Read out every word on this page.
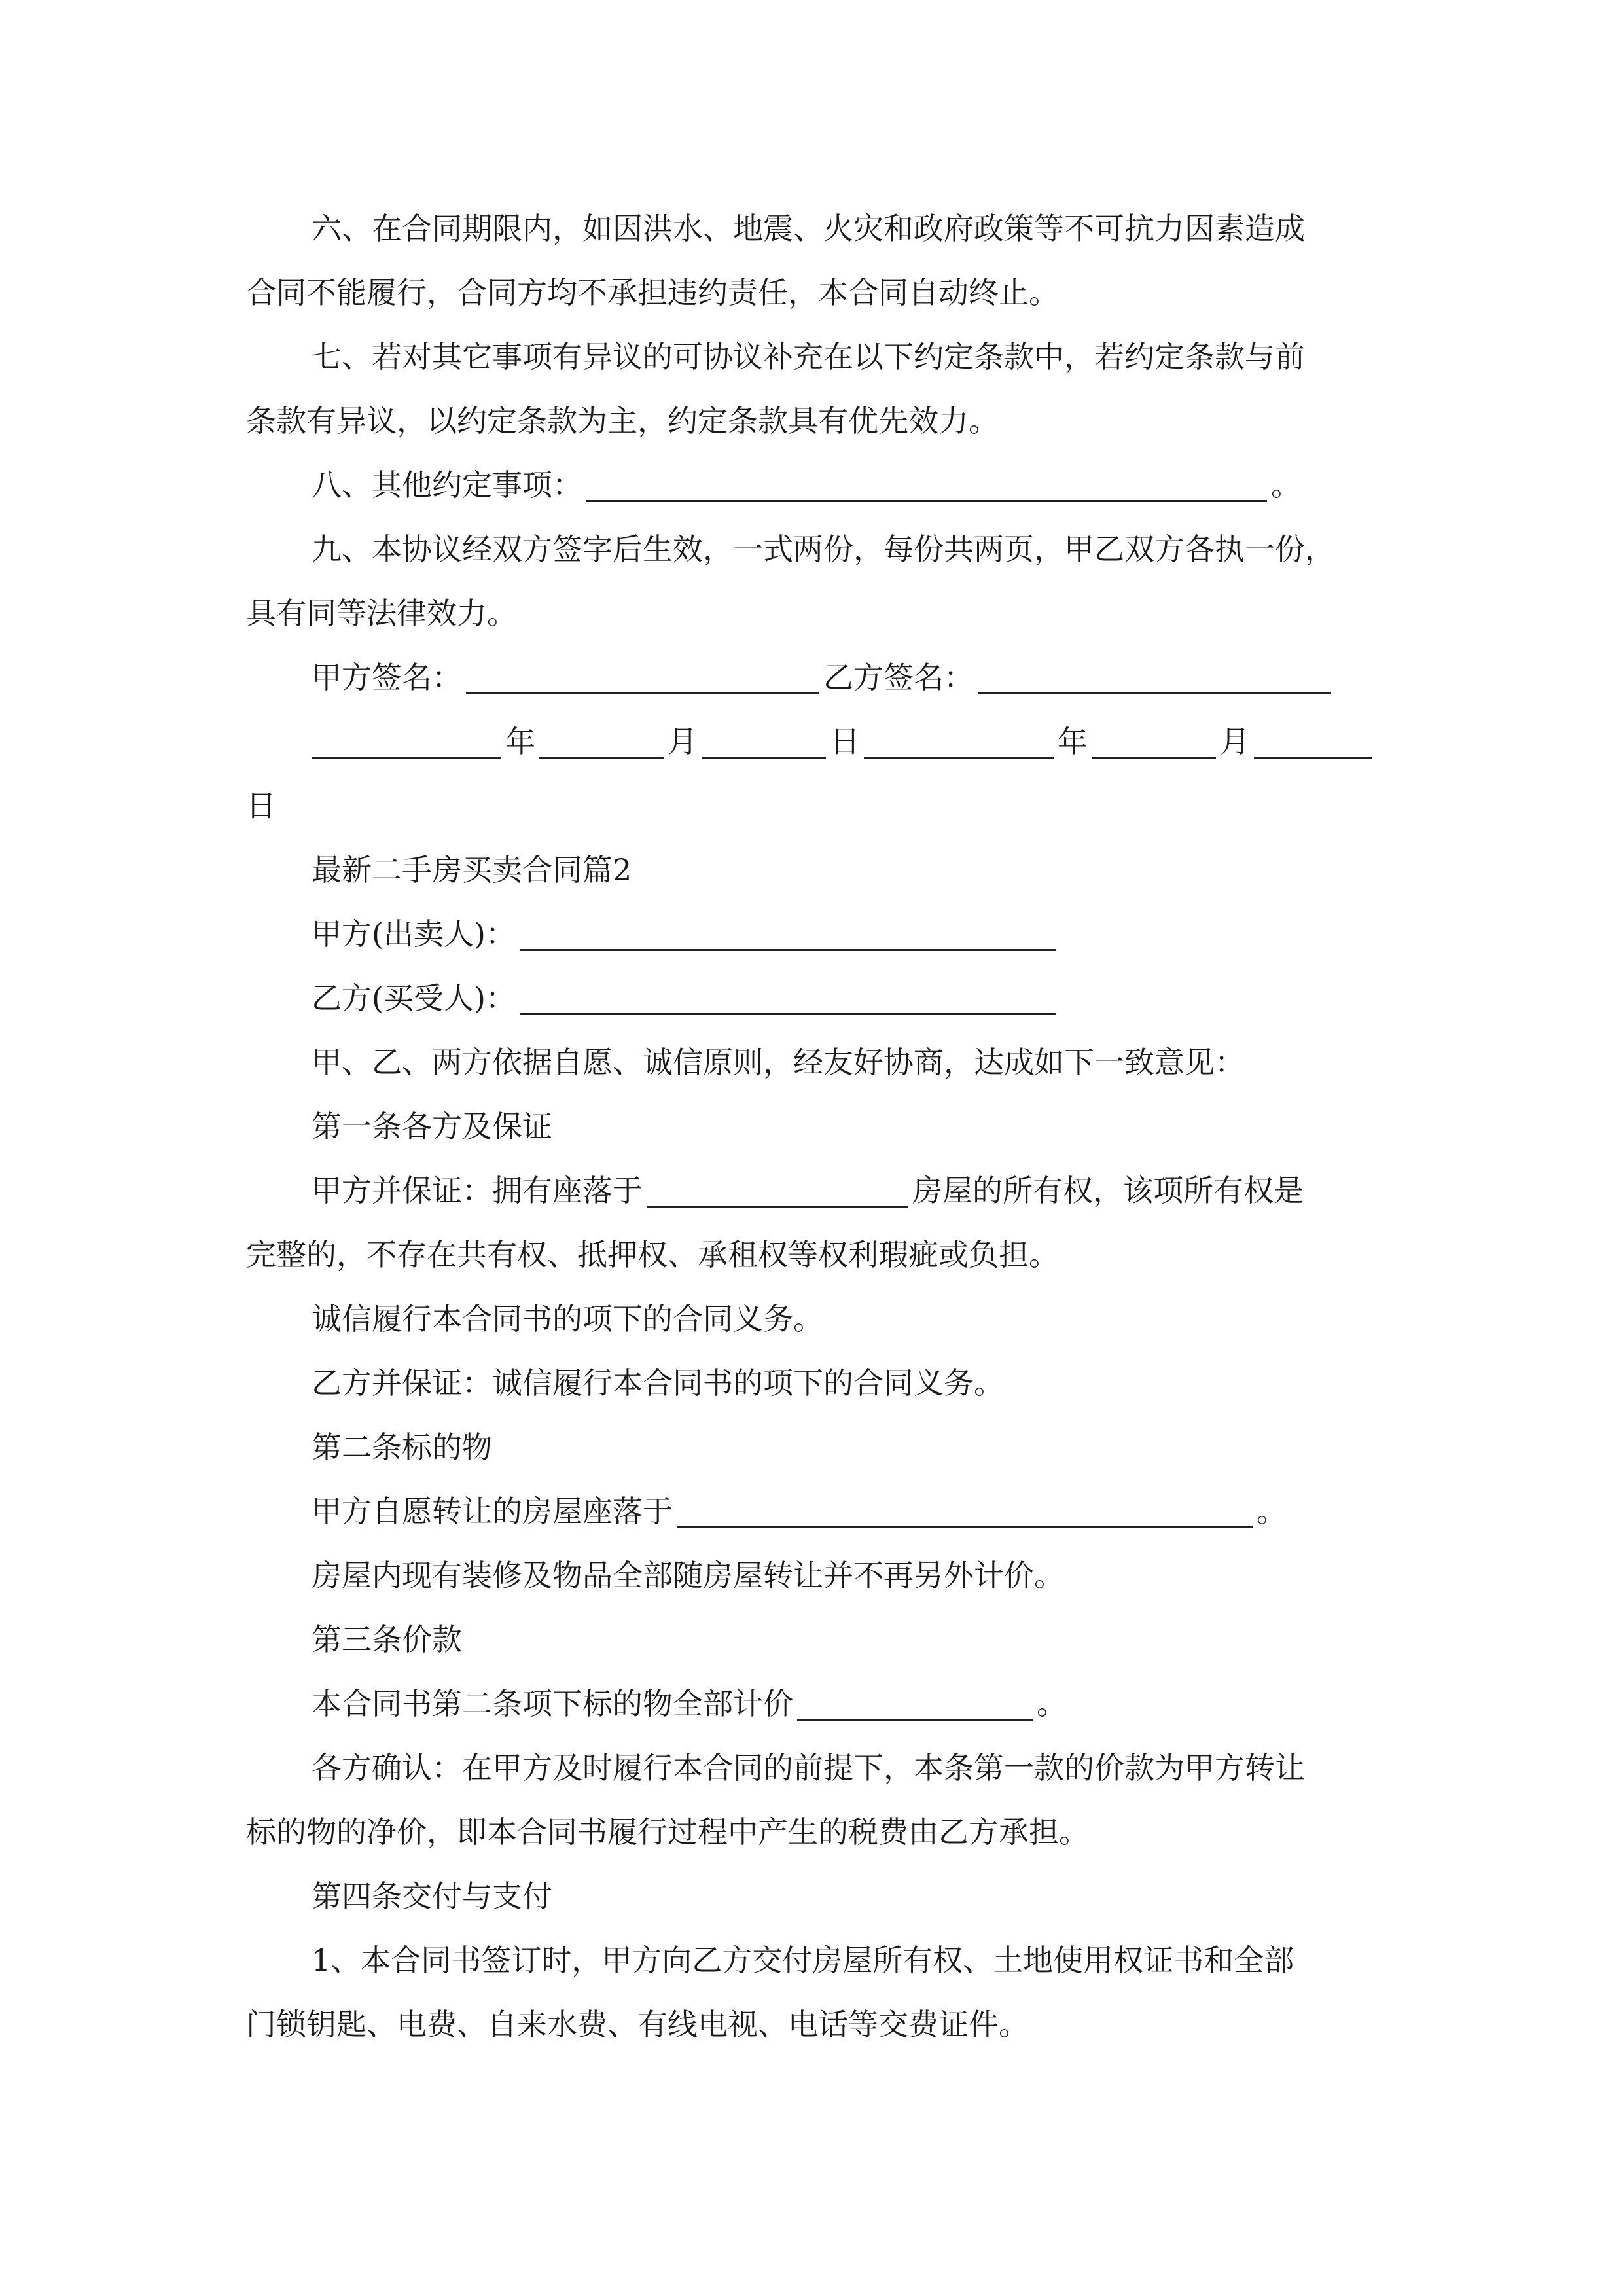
六、在合同期限内，如因洪水、地震、火灾和政府政策等不可抗力因素造成
合同不能履行，合同方均不承担违约责任，本合同自动终止。
七、若对其它事项有异议的可协议补充在以下约定条款中，若约定条款与前
条款有异议，以约定条款为主，约定条款具有优先效力。
八、其他约定事项：	。
九、本协议经双方签字后生效，一式两份，每份共两页，甲乙双方各执一份，
具有同等法律效力。
甲方签名：	乙方签名：
年	月	日	年	月
日
最新二手房买卖合同篇2
甲方(出卖人)：
乙方(买受人)：
甲、乙、两方依据自愿、诚信原则，经友好协商，达成如下一致意见：
第一条各方及保证
甲方并保证：拥有座落于	房屋的所有权，该项所有权是
完整的，不存在共有权、抵押权、承租权等权利瑕疵或负担。
诚信履行本合同书的项下的合同义务。
乙方并保证：诚信履行本合同书的项下的合同义务。
第二条标的物
甲方自愿转让的房屋座落于	。
房屋内现有装修及物品全部随房屋转让并不再另外计价。
第三条价款
本合同书第二条项下标的物全部计价	。
各方确认：在甲方及时履行本合同的前提下，本条第一款的价款为甲方转让
标的物的净价，即本合同书履行过程中产生的税费由乙方承担。
第四条交付与支付
1、本合同书签订时，甲方向乙方交付房屋所有权、土地使用权证书和全部
门锁钥匙、电费、自来水费、有线电视、电话等交费证件。
